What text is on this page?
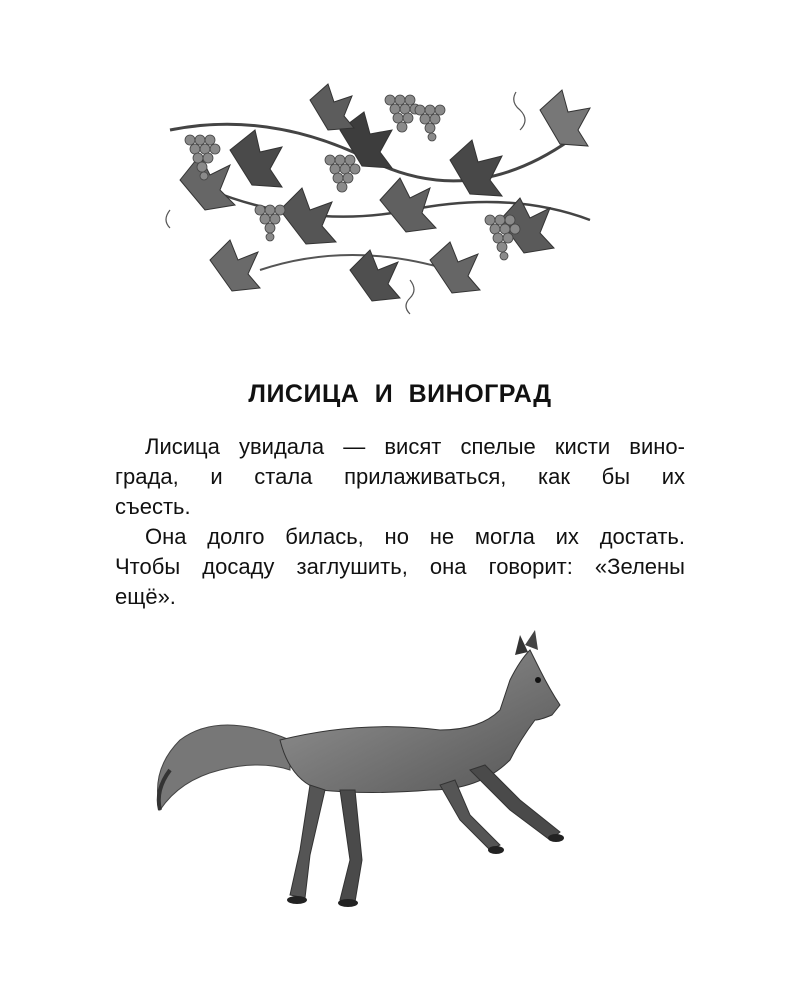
ЛИСИЦА И ВИНОГРАД
Лисица увидала — висят спелые кисти вино-
града, и стала прилаживаться, как бы их
съесть.
Она долго билась, но не могла их достать.
Чтобы досаду заглушить, она говорит: «Зелены
ещё».
